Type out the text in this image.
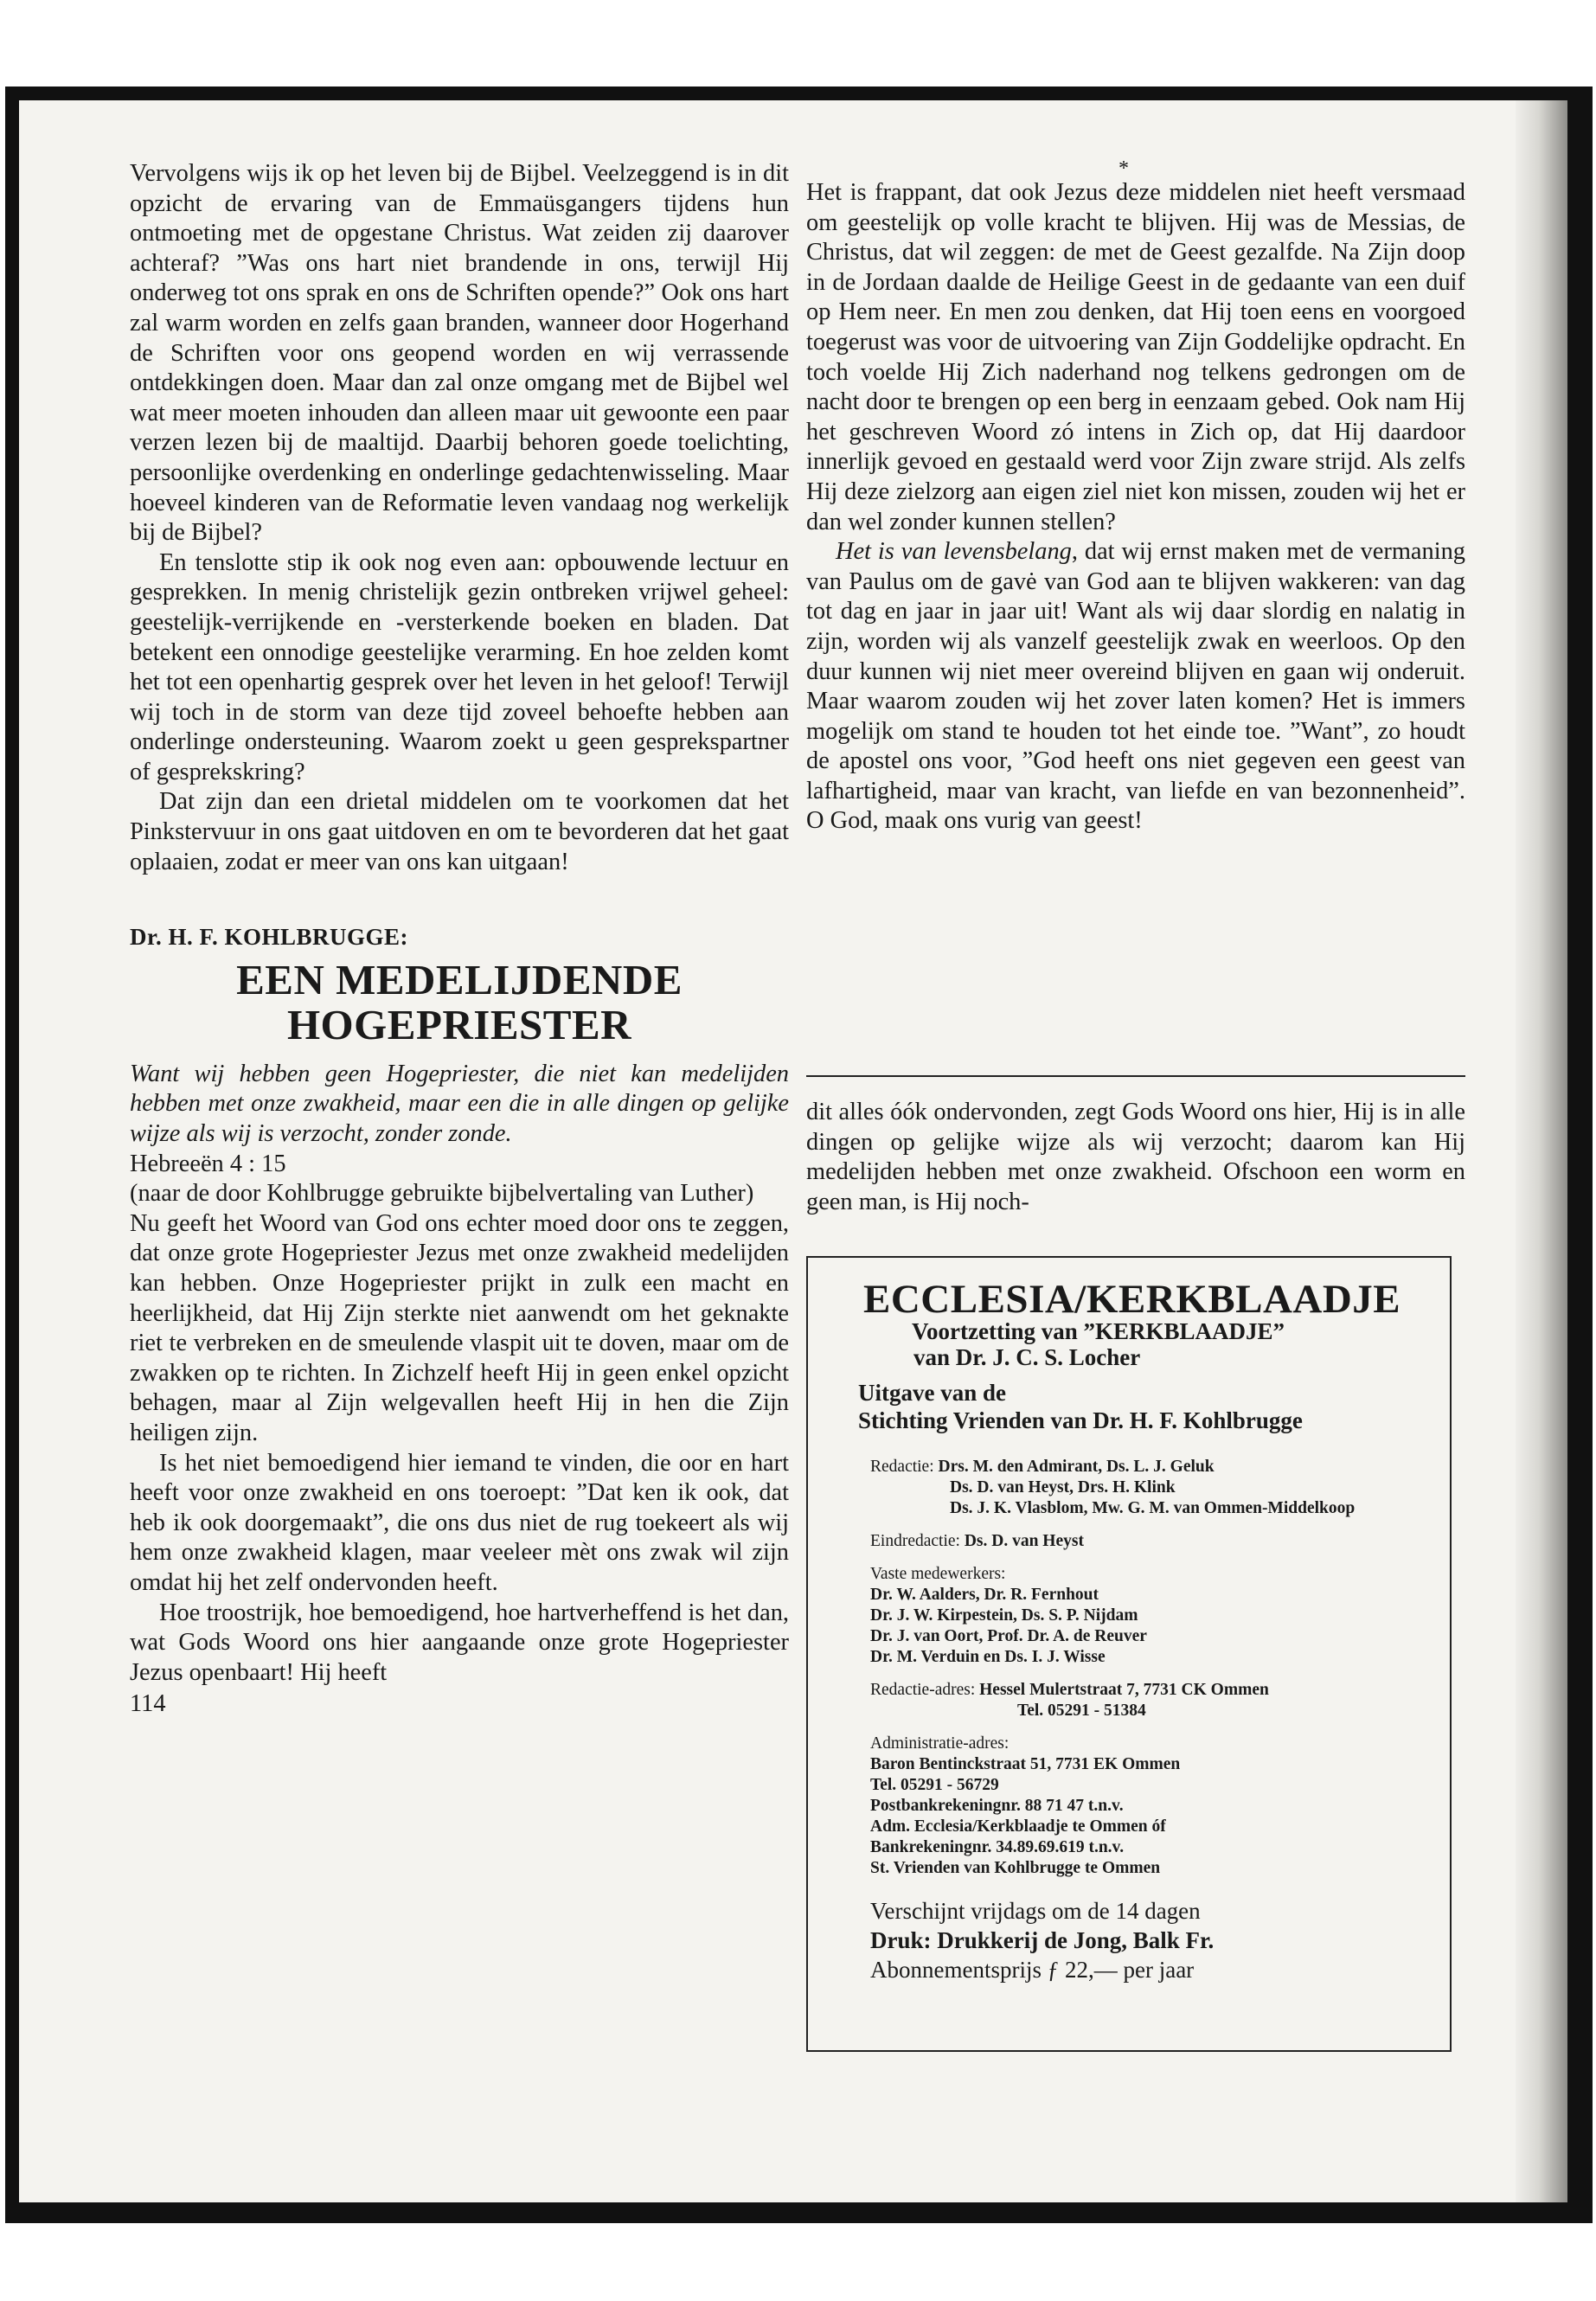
Vervolgens wijs ik op het leven bij de Bijbel. Veelzeggend is in dit opzicht de ervaring van de Emmaüsgangers tijdens hun ontmoeting met de opgestane Christus. Wat zeiden zij daarover achteraf? ”Was ons hart niet brandende in ons, terwijl Hij onderweg tot ons sprak en ons de Schriften opende?” Ook ons hart zal warm worden en zelfs gaan branden, wanneer door Hogerhand de Schriften voor ons geopend worden en wij verrassende ontdekkingen doen. Maar dan zal onze omgang met de Bijbel wel wat meer moeten inhouden dan alleen maar uit gewoonte een paar verzen lezen bij de maaltijd. Daarbij behoren goede toelichting, persoonlijke overdenking en onderlinge gedachtenwisseling. Maar hoeveel kinderen van de Reformatie leven vandaag nog werkelijk bij de Bijbel?

En tenslotte stip ik ook nog even aan: opbouwende lectuur en gesprekken. In menig christelijk gezin ontbreken vrijwel geheel: geestelijk-verrijkende en -versterkende boeken en bladen. Dat betekent een onnodige geestelijke verarming. En hoe zelden komt het tot een openhartig gesprek over het leven in het geloof! Terwijl wij toch in de storm van deze tijd zoveel behoefte hebben aan onderlinge ondersteuning. Waarom zoekt u geen gesprekspartner of gesprekskring?

Dat zijn dan een drietal middelen om te voorkomen dat het Pinkstervuur in ons gaat uitdoven en om te bevorderen dat het gaat oplaaien, zodat er meer van ons kan uitgaan!

Dr. H. F. KOHLBRUGGE:
EEN MEDELIJDENDE HOGEPRIESTER

Want wij hebben geen Hogepriester, die niet kan medelijden hebben met onze zwakheid, maar een die in alle dingen op gelijke wijze als wij is verzocht, zonder zonde.

Hebreeën 4 : 15

(naar de door Kohlbrugge gebruikte bijbelvertaling van Luther)

Nu geeft het Woord van God ons echter moed door ons te zeggen, dat onze grote Hogepriester Jezus met onze zwakheid medelijden kan hebben. Onze Hogepriester prijkt in zulk een macht en heerlijkheid, dat Hij Zijn sterkte niet aanwendt om het geknakte riet te verbreken en de smeulende vlaspit uit te doven, maar om de zwakken op te richten. In Zichzelf heeft Hij in geen enkel opzicht behagen, maar al Zijn welgevallen heeft Hij in hen die Zijn heiligen zijn.

Is het niet bemoedigend hier iemand te vinden, die oor en hart heeft voor onze zwakheid en ons toeroept: ”Dat ken ik ook, dat heb ik ook doorgemaakt”, die ons dus niet de rug toekeert als wij hem onze zwakheid klagen, maar veeleer mèt ons zwak wil zijn omdat hij het zelf ondervonden heeft.

Hoe troostrijk, hoe bemoedigend, hoe hartverheffend is het dan, wat Gods Woord ons hier aangaande onze grote Hogepriester Jezus openbaart! Hij heeft

114
*

Het is frappant, dat ook Jezus deze middelen niet heeft versmaad om geestelijk op volle kracht te blijven. Hij was de Messias, de Christus, dat wil zeggen: de met de Geest gezalfde. Na Zijn doop in de Jordaan daalde de Heilige Geest in de gedaante van een duif op Hem neer. En men zou denken, dat Hij toen eens en voorgoed toegerust was voor de uitvoering van Zijn Goddelijke opdracht. En toch voelde Hij Zich naderhand nog telkens gedrongen om de nacht door te brengen op een berg in eenzaam gebed. Ook nam Hij het geschreven Woord zó intens in Zich op, dat Hij daardoor innerlijk gevoed en gestaald werd voor Zijn zware strijd. Als zelfs Hij deze zielzorg aan eigen ziel niet kon missen, zouden wij het er dan wel zonder kunnen stellen?

Het is van levensbelang, dat wij ernst maken met de vermaning van Paulus om de gavė van God aan te blijven wakkeren: van dag tot dag en jaar in jaar uit! Want als wij daar slordig en nalatig in zijn, worden wij als vanzelf geestelijk zwak en weerloos. Op den duur kunnen wij niet meer overeind blijven en gaan wij onderuit. Maar waarom zouden wij het zover laten komen? Het is immers mogelijk om stand te houden tot het einde toe. ”Want”, zo houdt de apostel ons voor, ”God heeft ons niet gegeven een geest van lafhartigheid, maar van kracht, van liefde en van bezonnenheid”. O God, maak ons vurig van geest!

dit alles óók ondervonden, zegt Gods Woord ons hier, Hij is in alle dingen op gelijke wijze als wij verzocht; daarom kan Hij medelijden hebben met onze zwakheid. Ofschoon een worm en geen man, is Hij noch-

ECCLESIA/KERKBLAADJE
Voortzetting van ”KERKBLAADJE”
van Dr. J. C. S. Locher
Uitgave van de
Stichting Vrienden van Dr. H. F. Kohlbrugge
Redactie: Drs. M. den Admirant, Ds. L. J. Geluk
Ds. D. van Heyst, Drs. H. Klink
Ds. J. K. Vlasblom, Mw. G. M. van Ommen-Middelkoop
Eindredactie: Ds. D. van Heyst
Vaste medewerkers:
Dr. W. Aalders, Dr. R. Fernhout
Dr. J. W. Kirpestein, Ds. S. P. Nijdam
Dr. J. van Oort, Prof. Dr. A. de Reuver
Dr. M. Verduin en Ds. I. J. Wisse
Redactie-adres: Hessel Mulertstraat 7, 7731 CK Ommen
Tel. 05291 - 51384
Administratie-adres:
Baron Bentinckstraat 51, 7731 EK Ommen
Tel. 05291 - 56729
Postbankrekeningnr. 88 71 47 t.n.v.
Adm. Ecclesia/Kerkblaadje te Ommen óf
Bankrekeningnr. 34.89.69.619 t.n.v.
St. Vrienden van Kohlbrugge te Ommen
Verschijnt vrijdags om de 14 dagen
Druk: Drukkerij de Jong, Balk Fr.
Abonnementsprijs ƒ 22,— per jaar
